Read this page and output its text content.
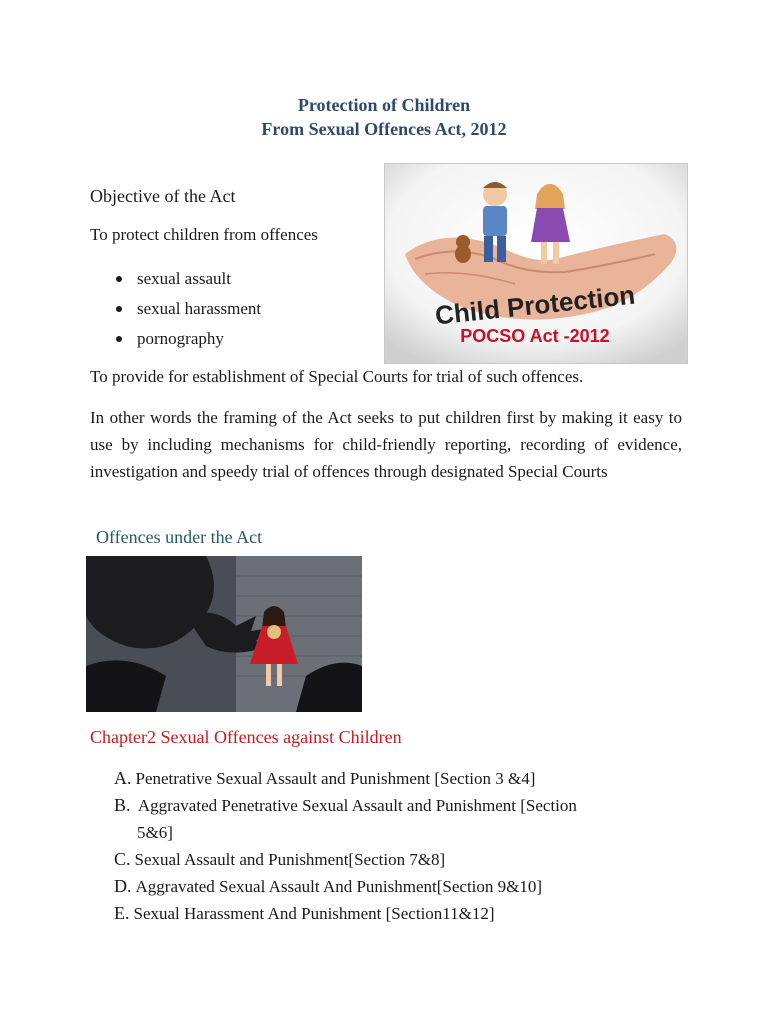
Protection of Children
From Sexual Offences Act, 2012
Objective of the Act
To protect children from offences
sexual assault
sexual harassment
pornography
Child Protection
POCSO Act -2012
To provide for establishment of Special Courts for trial of such offences.
In other words the framing of the Act seeks to put children first by making it easy to use by including mechanisms for child-friendly reporting, recording of evidence, investigation and speedy trial of offences through designated Special Courts
Offences under the Act
Chapter2 Sexual Offences against Children
A. Penetrative Sexual Assault and Punishment [Section 3 &4]
B. Aggravated Penetrative Sexual Assault and Punishment [Section
5&6]
C. Sexual Assault and Punishment[Section 7&8]
D. Aggravated Sexual Assault And Punishment[Section 9&10]
E. Sexual Harassment And Punishment [Section11&12]
